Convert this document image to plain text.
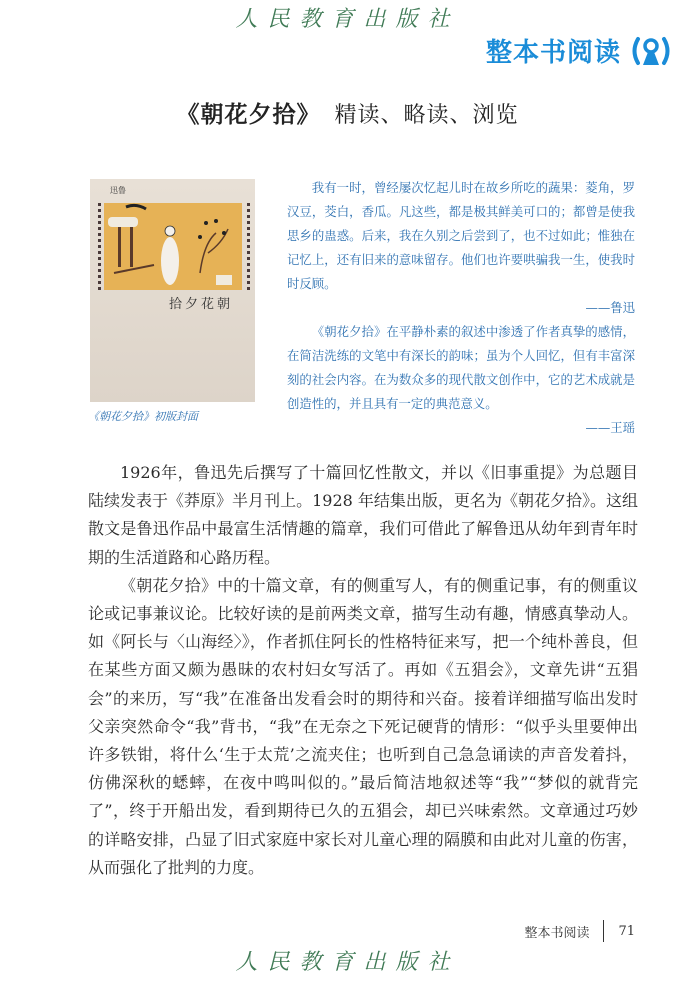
人民教育出版社
整本书阅读
《朝花夕拾》 精读、略读、浏览
迅鲁
拾夕花朝
《朝花夕拾》初版封面

我有一时，曾经屡次忆起儿时在故乡所吃的蔬果：菱角，罗汉豆，茭白，香瓜。凡这些，都是极其鲜美可口的；都曾是使我思乡的蛊惑。后来，我在久别之后尝到了，也不过如此；惟独在记忆上，还有旧来的意味留存。他们也许要哄骗我一生，使我时时反顾。

——鲁迅

《朝花夕拾》在平静朴素的叙述中渗透了作者真挚的感情，在简洁洗练的文笔中有深长的韵味；虽为个人回忆，但有丰富深刻的社会内容。在为数众多的现代散文创作中，它的艺术成就是创造性的，并且具有一定的典范意义。

——王瑶

1926年，鲁迅先后撰写了十篇回忆性散文，并以《旧事重提》为总题目陆续发表于《莽原》半月刊上。1928 年结集出版，更名为《朝花夕拾》。这组散文是鲁迅作品中最富生活情趣的篇章，我们可借此了解鲁迅从幼年到青年时期的生活道路和心路历程。

《朝花夕拾》中的十篇文章，有的侧重写人，有的侧重记事，有的侧重议论或记事兼议论。比较好读的是前两类文章，描写生动有趣，情感真挚动人。如《阿长与〈山海经〉》，作者抓住阿长的性格特征来写，把一个纯朴善良，但在某些方面又颇为愚昧的农村妇女写活了。再如《五猖会》，文章先讲“五猖会”的来历，写“我”在准备出发看会时的期待和兴奋。接着详细描写临出发时父亲突然命令“我”背书，“我”在无奈之下死记硬背的情形：“似乎头里要伸出许多铁钳，将什么‘生于太荒’之流夹住；也听到自己急急诵读的声音发着抖，仿佛深秋的蟋蟀，在夜中鸣叫似的。”最后简洁地叙述等“我”“梦似的就背完了”，终于开船出发，看到期待已久的五猖会，却已兴味索然。文章通过巧妙的详略安排，凸显了旧式家庭中家长对儿童心理的隔膜和由此对儿童的伤害，从而强化了批判的力度。

整本书阅读 71
人民教育出版社
